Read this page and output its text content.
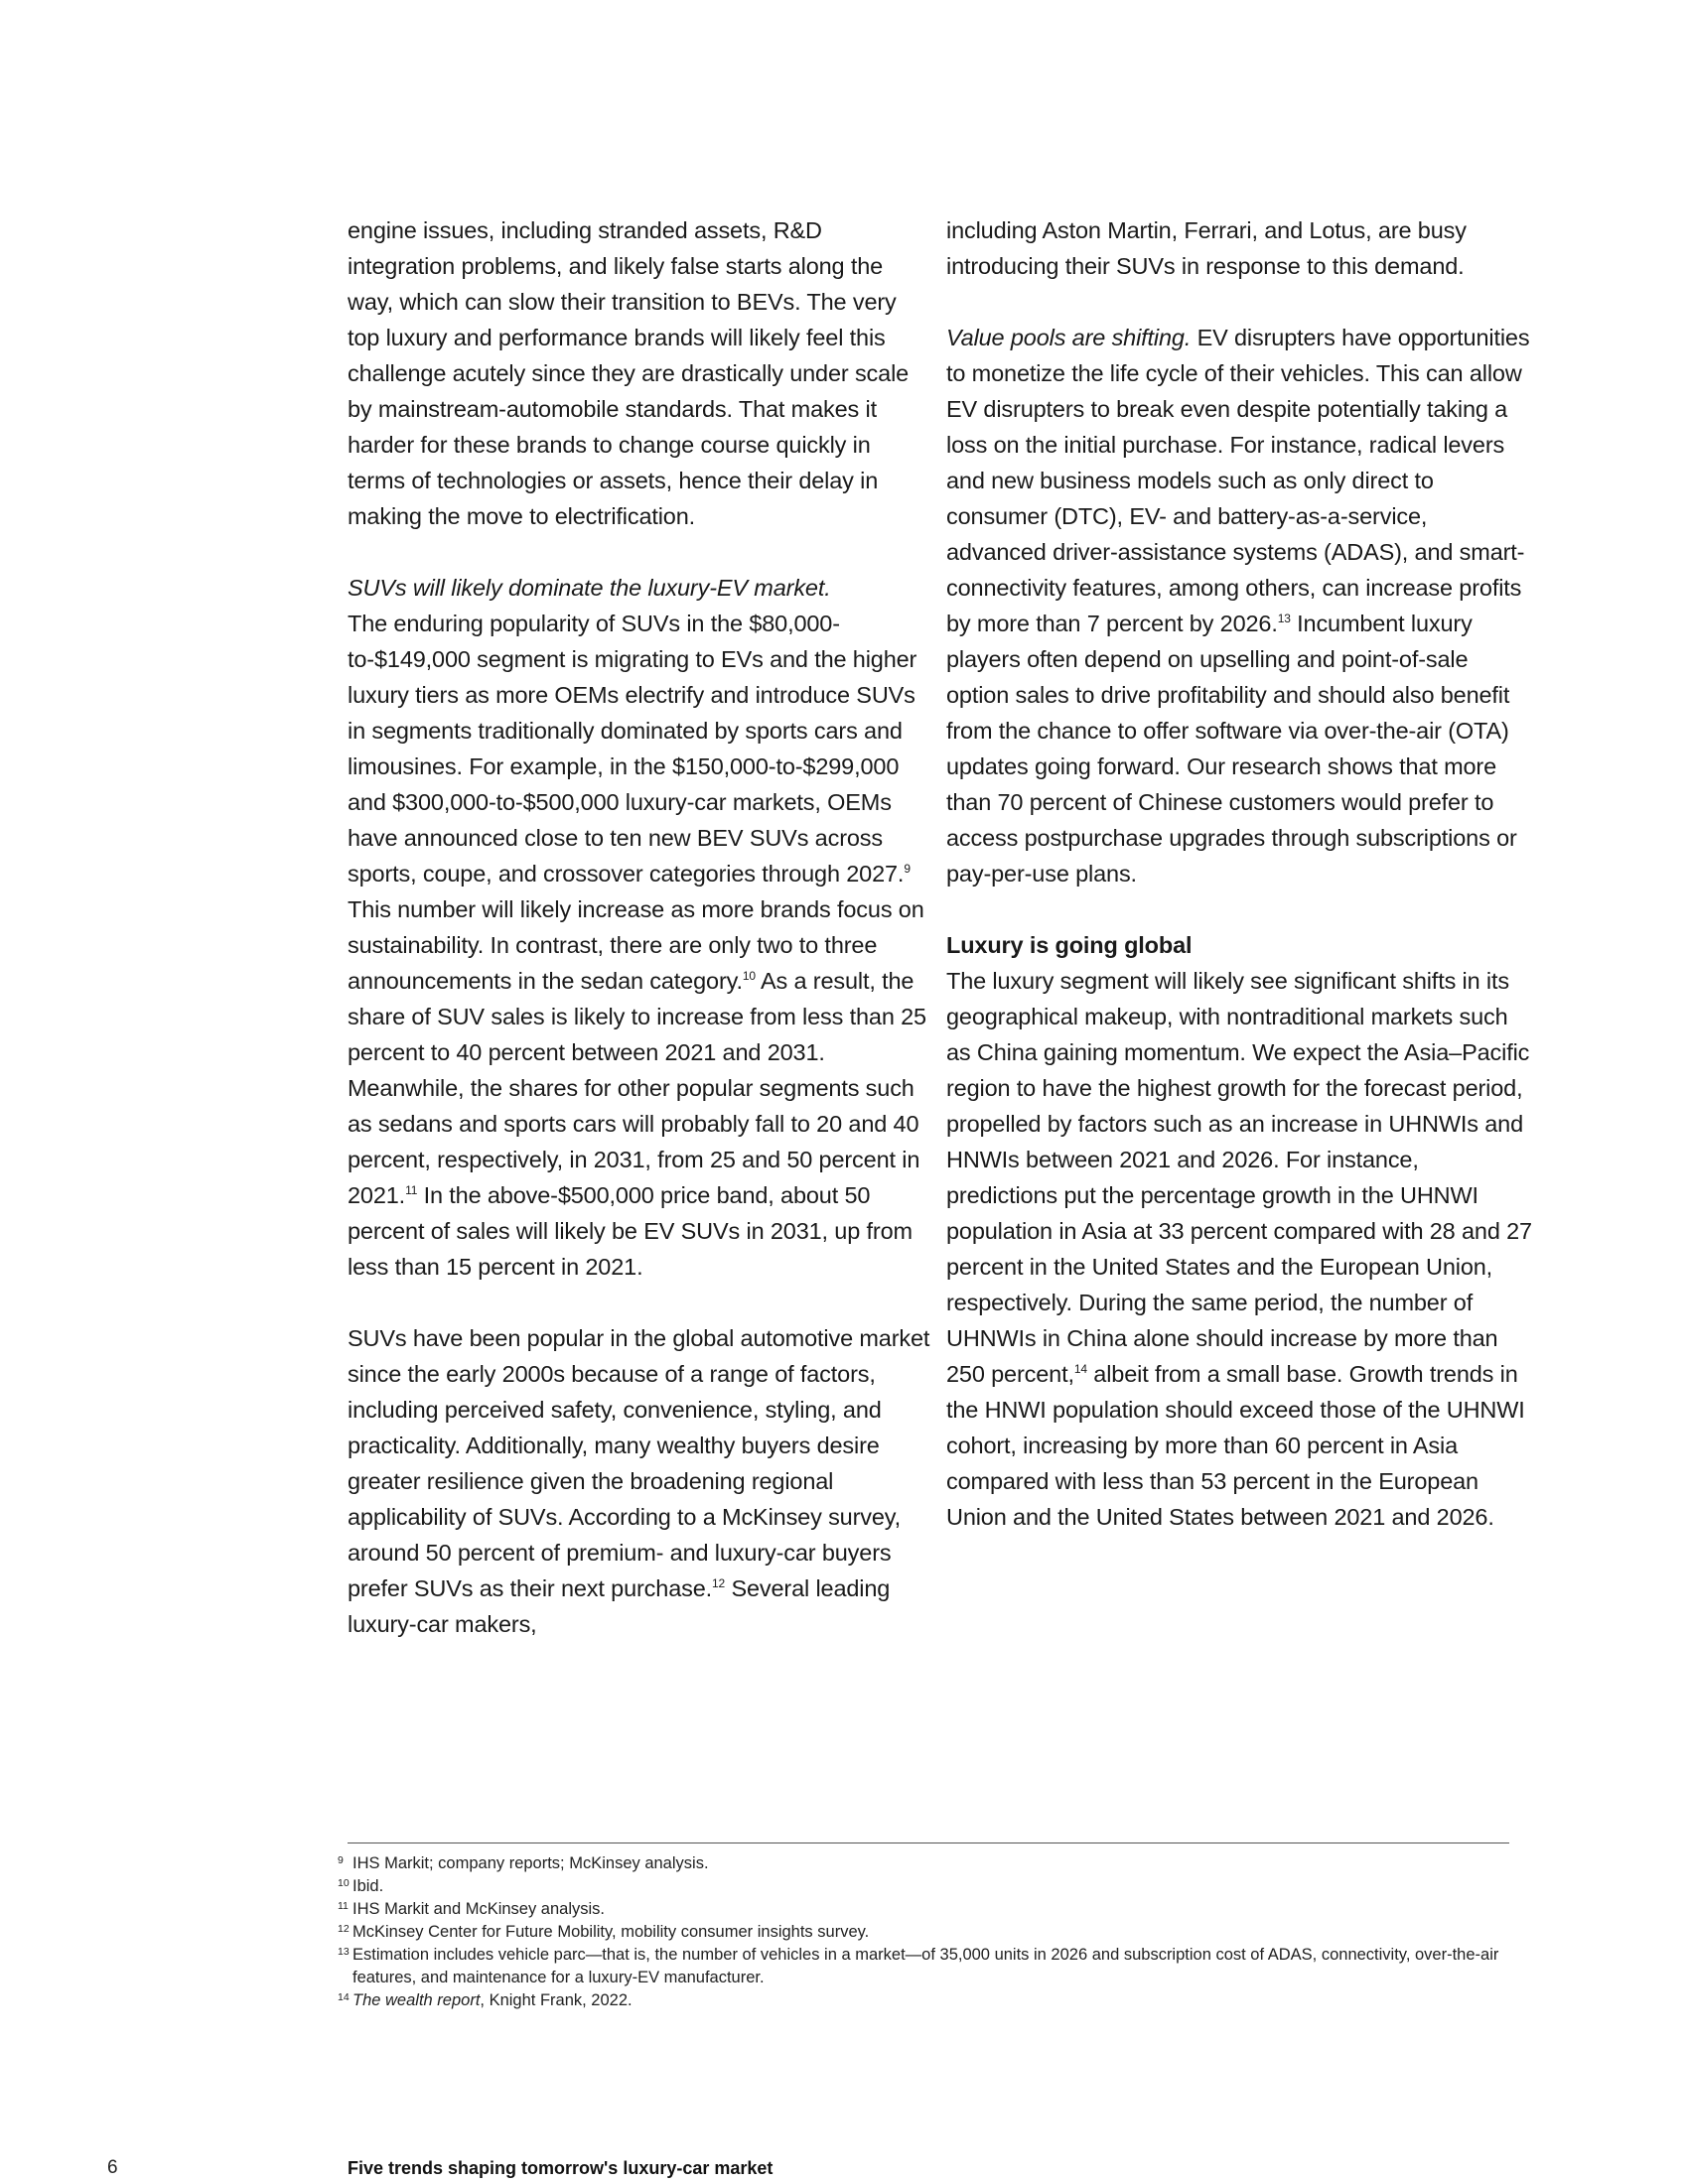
engine issues, including stranded assets, R&D integration problems, and likely false starts along the way, which can slow their transition to BEVs. The very top luxury and performance brands will likely feel this challenge acutely since they are drastically under scale by mainstream-automobile standards. That makes it harder for these brands to change course quickly in terms of technologies or assets, hence their delay in making the move to electrification.

SUVs will likely dominate the luxury-EV market.
The enduring popularity of SUVs in the $80,000-to-$149,000 segment is migrating to EVs and the higher luxury tiers as more OEMs electrify and introduce SUVs in segments traditionally dominated by sports cars and limousines. For example, in the $150,000-to-$299,000 and $300,000-to-$500,000 luxury-car markets, OEMs have announced close to ten new BEV SUVs across sports, coupe, and crossover categories through 2027.$^9$ This number will likely increase as more brands focus on sustainability. In contrast, there are only two to three announcements in the sedan category.$^{10}$ As a result, the share of SUV sales is likely to increase from less than 25 percent to 40 percent between 2021 and 2031. Meanwhile, the shares for other popular segments such as sedans and sports cars will probably fall to 20 and 40 percent, respectively, in 2031, from 25 and 50 percent in 2021.11 In the above-$500,000 price band, about 50 percent of sales will likely be EV SUVs in 2031, up from less than 15 percent in 2021.

SUVs have been popular in the global automotive market since the early 2000s because of a range of factors, including perceived safety, convenience, styling, and practicality. Additionally, many wealthy buyers desire greater resilience given the broadening regional applicability of SUVs. According to a McKinsey survey, around 50 percent of premium- and luxury-car buyers prefer SUVs as their next purchase.$^{12}$ Several leading luxury-car makers,

including Aston Martin, Ferrari, and Lotus, are busy introducing their SUVs in response to this demand.

Value pools are shifting. EV disrupters have opportunities to monetize the life cycle of their vehicles. This can allow EV disrupters to break even despite potentially taking a loss on the initial purchase. For instance, radical levers and new business models such as only direct to consumer (DTC), EV- and battery-as-a-service, advanced driver-assistance systems (ADAS), and smart-connectivity features, among others, can increase profits by more than 7 percent by 2026.13 Incumbent luxury players often depend on upselling and point-of-sale option sales to drive profitability and should also benefit from the chance to offer software via over-the-air (OTA) updates going forward. Our research shows that more than 70 percent of Chinese customers would prefer to access postpurchase upgrades through subscriptions or pay-per-use plans.

Luxury is going global

The luxury segment will likely see significant shifts in its geographical makeup, with nontraditional markets such as China gaining momentum. We expect the Asia–Pacific region to have the highest growth for the forecast period, propelled by factors such as an increase in UHNWIs and HNWIs between 2021 and 2026. For instance, predictions put the percentage growth in the UHNWI population in Asia at 33 percent compared with 28 and 27 percent in the United States and the European Union, respectively. During the same period, the number of UHNWIs in China alone should increase by more than 250 percent,$^{14}$ albeit from a small base. Growth trends in the HNWI population should exceed those of the UHNWI cohort, increasing by more than 60 percent in Asia compared with less than 53 percent in the European Union and the United States between 2021 and 2026.

9 IHS Markit; company reports; McKinsey analysis.
10 Ibid.
11 IHS Markit and McKinsey analysis.
12 McKinsey Center for Future Mobility, mobility consumer insights survey.
13 Estimation includes vehicle parc—that is, the number of vehicles in a market—of 35,000 units in 2026 and subscription cost of ADAS, connectivity, over-the-air features, and maintenance for a luxury-EV manufacturer.
14 The wealth report, Knight Frank, 2022.
6	Five trends shaping tomorrow's luxury-car market
